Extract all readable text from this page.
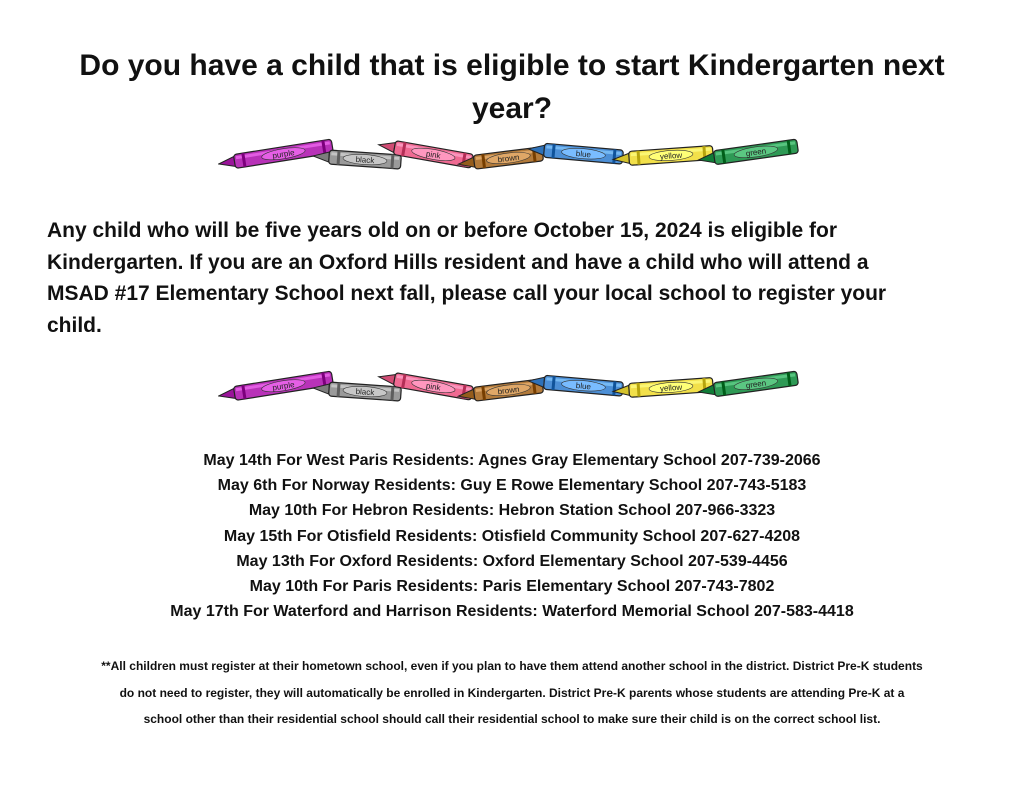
Do you have a child that is eligible to start Kindergarten next
year?
purple	black	pink	brown	blue	yellow	green
Any child who will be five years old on or before October 15, 2024 is eligible for
Kindergarten. If you are an Oxford Hills resident and have a child who will attend a
MSAD #17 Elementary School next fall, please call your local school to register your
child.
purple	black	pink	brown	blue	yellow	green
May 14th For West Paris Residents: Agnes Gray Elementary School 207-739-2066
May 6th For Norway Residents: Guy E Rowe Elementary School 207-743-5183
May 10th For Hebron Residents: Hebron Station School 207-966-3323
May 15th For Otisfield Residents: Otisfield Community School 207-627-4208
May 13th For Oxford Residents: Oxford Elementary School 207-539-4456
May 10th For Paris Residents: Paris Elementary School 207-743-7802
May 17th For Waterford and Harrison Residents: Waterford Memorial School 207-583-4418
**All children must register at their hometown school, even if you plan to have them attend another school in the district. District Pre-K students
do not need to register, they will automatically be enrolled in Kindergarten. District Pre-K parents whose students are attending Pre-K at a
school other than their residential school should call their residential school to make sure their child is on the correct school list.
